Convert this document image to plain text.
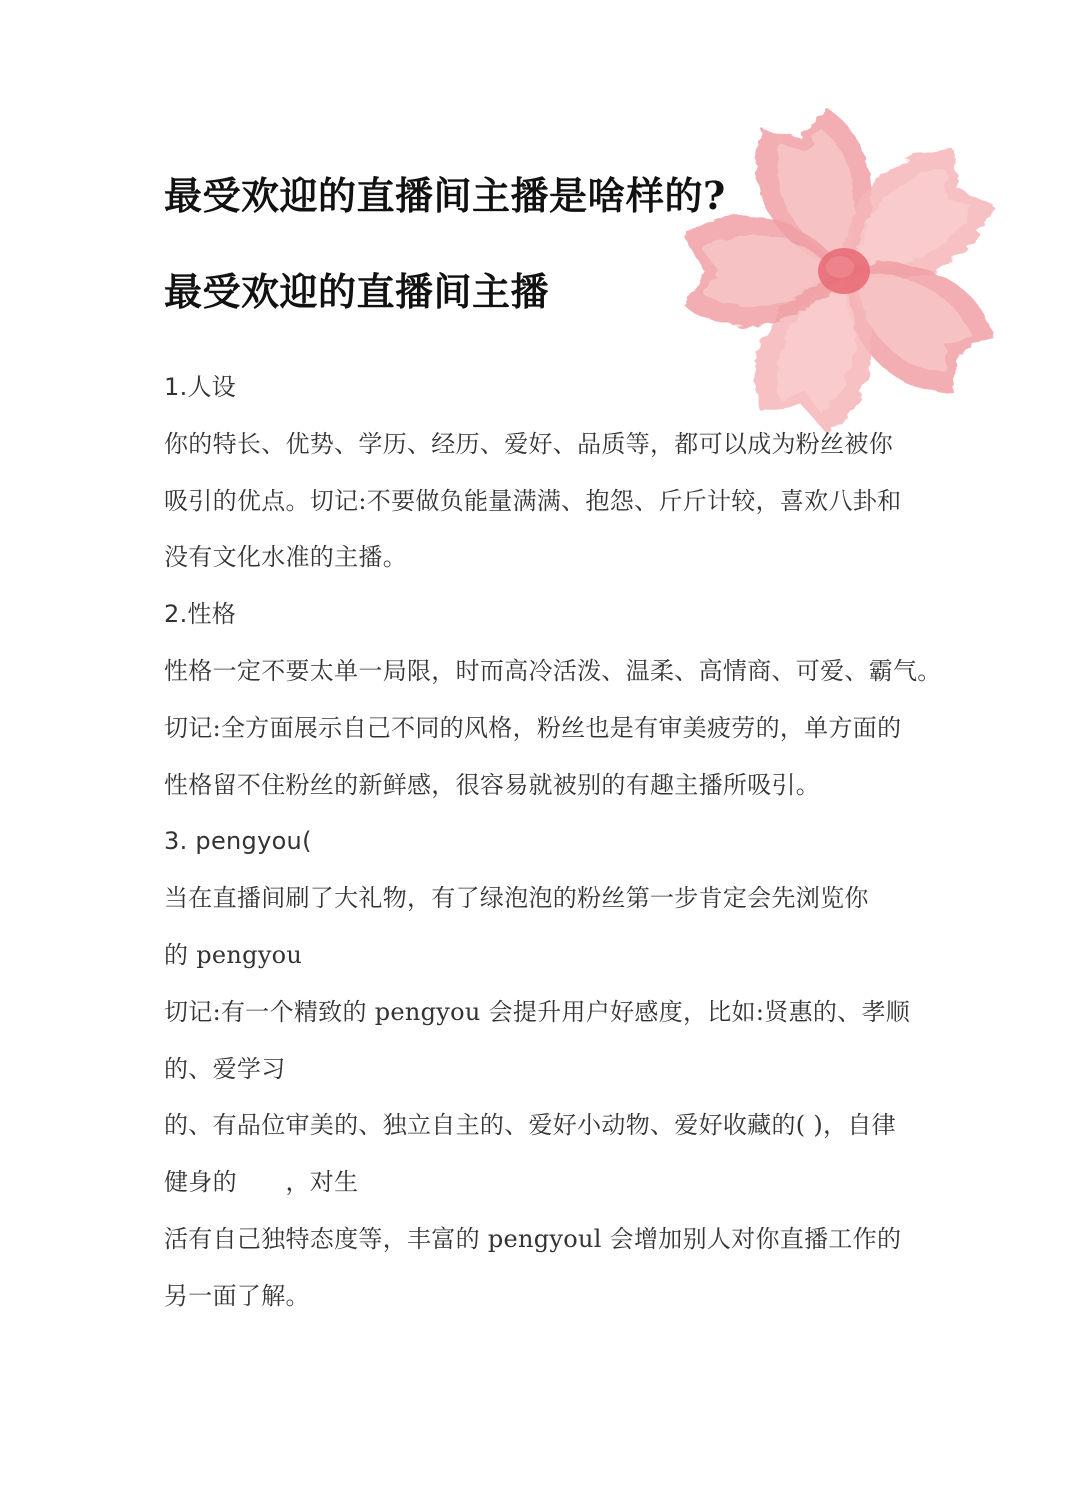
最受欢迎的直播间主播是啥样的?
最受欢迎的直播间主播
1.人设
你的特长、优势、学历、经历、爱好、品质等，都可以成为粉丝被你
吸引的优点。切记:不要做负能量满满、抱怨、斤斤计较，喜欢八卦和
没有文化水准的主播。
2.性格
性格一定不要太单一局限，时而高冷活泼、温柔、高情商、可爱、霸气。
切记:全方面展示自己不同的风格，粉丝也是有审美疲劳的，单方面的
性格留不住粉丝的新鲜感，很容易就被别的有趣主播所吸引。
3. pengyou(
当在直播间刷了大礼物，有了绿泡泡的粉丝第一步肯定会先浏览你
的 pengyou
切记:有一个精致的 pengyou 会提升用户好感度，比如:贤惠的、孝顺
的、爱学习
的、有品位审美的、独立自主的、爱好小动物、爱好收藏的( )，自律
健身的　　，对生
活有自己独特态度等，丰富的 pengyoul 会增加别人对你直播工作的
另一面了解。
